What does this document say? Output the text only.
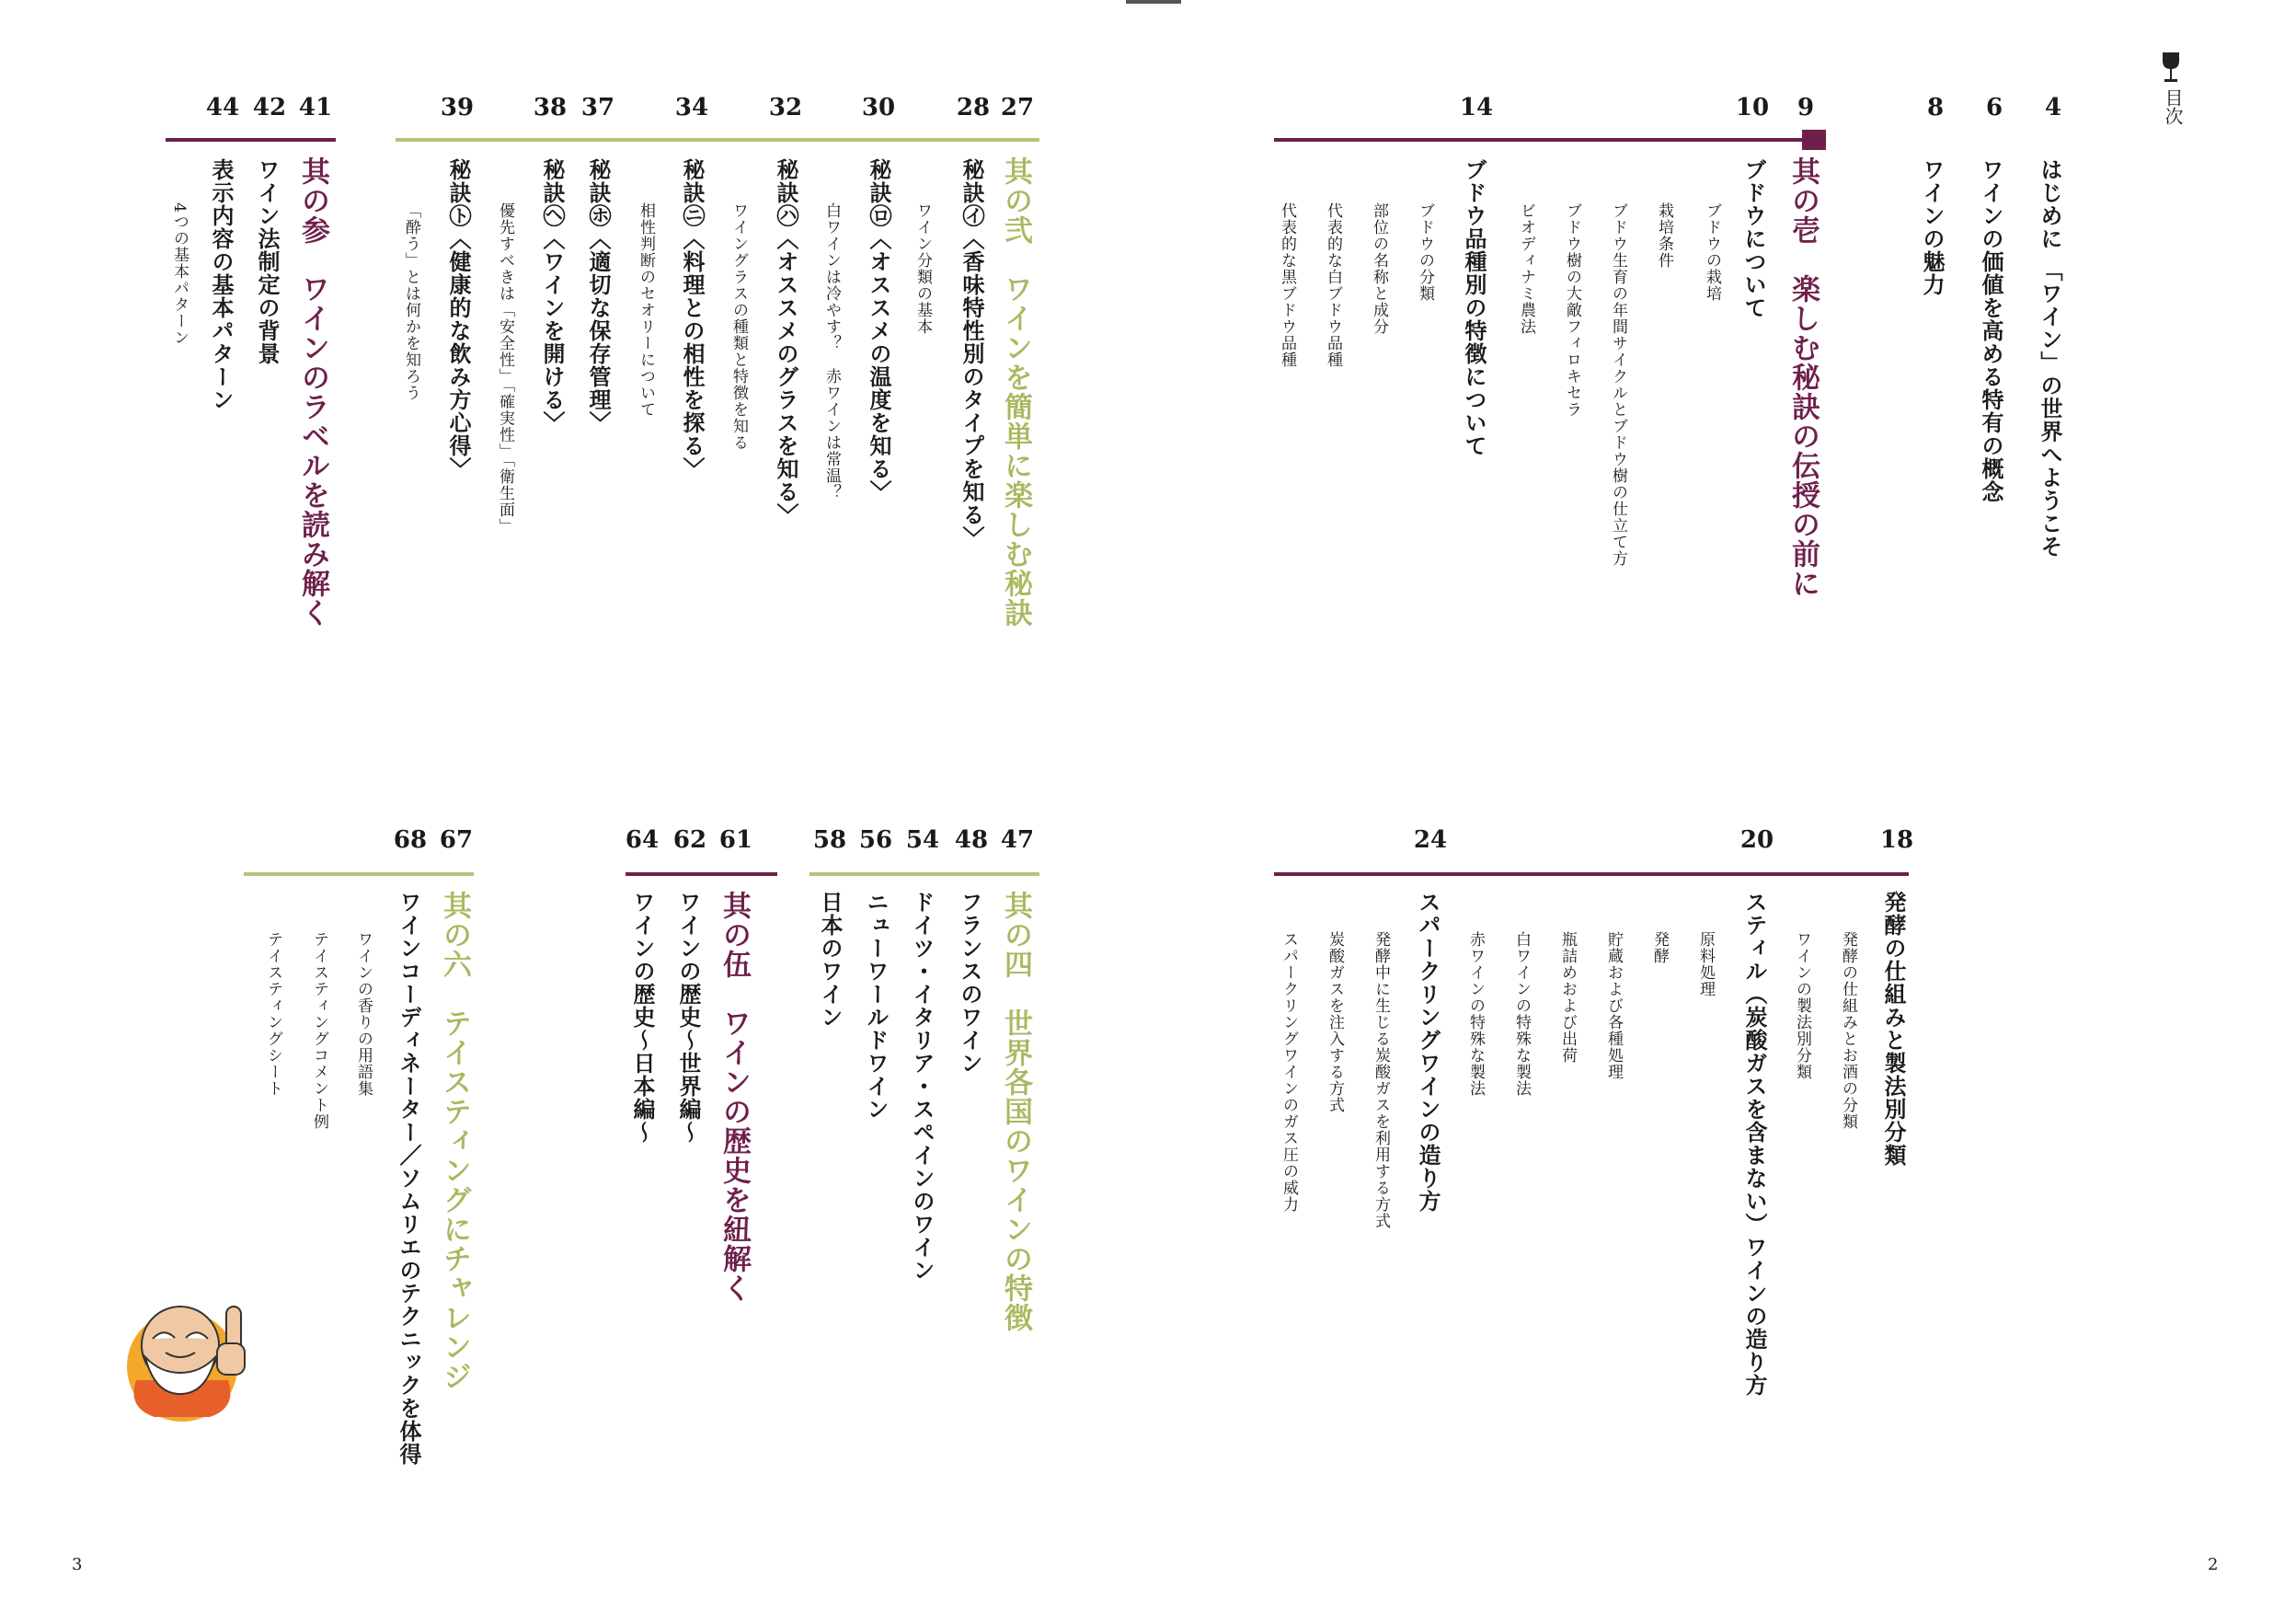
目次
4
6
8
はじめに 「ワイン」の世界へようこそ
ワインの価値を高める特有の概念
ワインの魅力
9
10
14
其の壱　楽しむ秘訣の伝授の前に
ブドウについて
ブドウの栽培
栽培条件
ブドウ生育の年間サイクルとブドウ樹の仕立て方
ブドウ樹の大敵フィロキセラ
ビオディナミ農法
ブドウ品種別の特徴について
ブドウの分類
部位の名称と成分
代表的な白ブドウ品種
代表的な黒ブドウ品種
18
20
24
発酵の仕組みと製法別分類
発酵の仕組みとお酒の分類
ワインの製法別分類
スティル（炭酸ガスを含まない）ワインの造り方
原料処理
発酵
貯蔵および各種処理
瓶詰めおよび出荷
白ワインの特殊な製法
赤ワインの特殊な製法
スパークリングワインの造り方
発酵中に生じる炭酸ガスを利用する方式
炭酸ガスを注入する方式
スパークリングワインのガス圧の威力
27
28
30
32
34
37
38
39
其の弐　ワインを簡単に楽しむ秘訣
秘訣㋑〈香味特性別のタイプを知る〉
ワイン分類の基本
秘訣㋺〈オススメの温度を知る〉
白ワインは冷やす？　赤ワインは常温？
秘訣㋩〈オススメのグラスを知る〉
ワイングラスの種類と特徴を知る
秘訣㋥〈料理との相性を探る〉
相性判断のセオリーについて
秘訣㋭〈適切な保存管理〉
秘訣㋬〈ワインを開ける〉
優先すべきは「安全性」「確実性」「衛生面」
秘訣㋣〈健康的な飲み方心得〉
「酔う」とは何かを知ろう
41
42
44
其の参　ワインのラベルを読み解く
ワイン法制定の背景
表示内容の基本パターン
4つの基本パターン
47
48
54
56
58
其の四　世界各国のワインの特徴
フランスのワイン
ドイツ・イタリア・スペインのワイン
ニューワールドワイン
日本のワイン
61
62
64
其の伍　ワインの歴史を紐解く
ワインの歴史～世界編～
ワインの歴史～日本編～
67
68
其の六　テイスティングにチャレンジ
ワインコーディネーター／ソムリエのテクニックを体得
ワインの香りの用語集
テイスティングコメント例
テイスティングシート
3	2
